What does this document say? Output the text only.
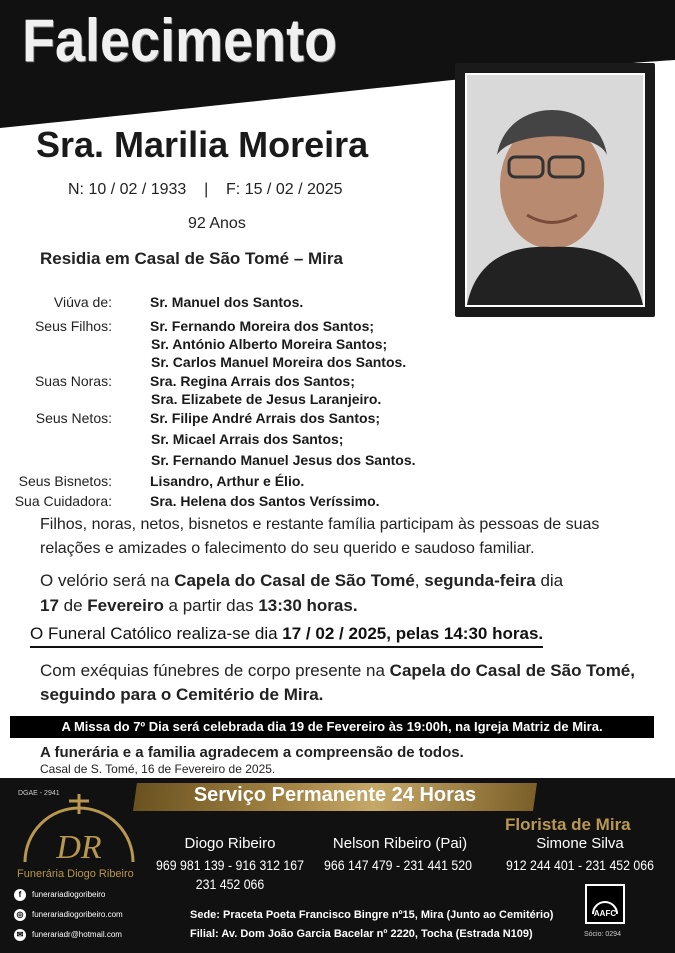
Falecimento
Sra. Marilia Moreira
N: 10 / 02 / 1933    |    F: 15 / 02 / 2025
92 Anos
Residia em Casal de São Tomé – Mira
Viúva de:	Sr. Manuel dos Santos.
Seus Filhos:	Sr. Fernando Moreira dos Santos;
Sr. António Alberto Moreira Santos;
Sr. Carlos Manuel Moreira dos Santos.
Suas Noras:	Sra. Regina Arrais dos Santos;
Sra. Elizabete de Jesus Laranjeiro.
Seus Netos:	Sr. Filipe André Arrais dos Santos;
Sr. Micael Arrais dos Santos;
Sr. Fernando Manuel Jesus dos Santos.
Seus Bisnetos:	Lisandro, Arthur e Élio.
Sua Cuidadora:	Sra. Helena dos Santos Veríssimo.
Filhos, noras, netos, bisnetos e restante família participam às pessoas de suas relações e amizades o falecimento do seu querido e saudoso familiar.
O velório será na Capela do Casal de São Tomé, segunda-feira dia
17 de Fevereiro a partir das 13:30 horas.
O Funeral Católico realiza-se dia 17 / 02 / 2025, pelas 14:30 horas.
Com exéquias fúnebres de corpo presente na Capela do Casal de São Tomé, seguindo para o Cemitério de Mira.
A Missa do 7º Dia será celebrada dia 19 de Fevereiro às 19:00h, na Igreja Matriz de Mira.
A funerária e a familia agradecem a compreensão de todos.
Casal de S. Tomé, 16 de Fevereiro de 2025.
DGAE - 2941	Serviço Permanente 24 Horas
DR
Funerária Diogo Ribeiro
Florista de Mira
Diogo Ribeiro
969 981 139 - 916 312 167
231 452 066
Nelson Ribeiro (Pai)
966 147 479 - 231 441 520
Simone Silva
912 244 401 - 231 452 066
f funerariadiogoribeiro
◎ funerariadiogoribeiro.com
✉ funerariadr@hotmail.com
Sede: Praceta Poeta Francisco Bingre nº15, Mira (Junto ao Cemitério)
Filial: Av. Dom João Garcia Bacelar nº 2220, Tocha (Estrada N109)
AAFC
Sócio: 0294
